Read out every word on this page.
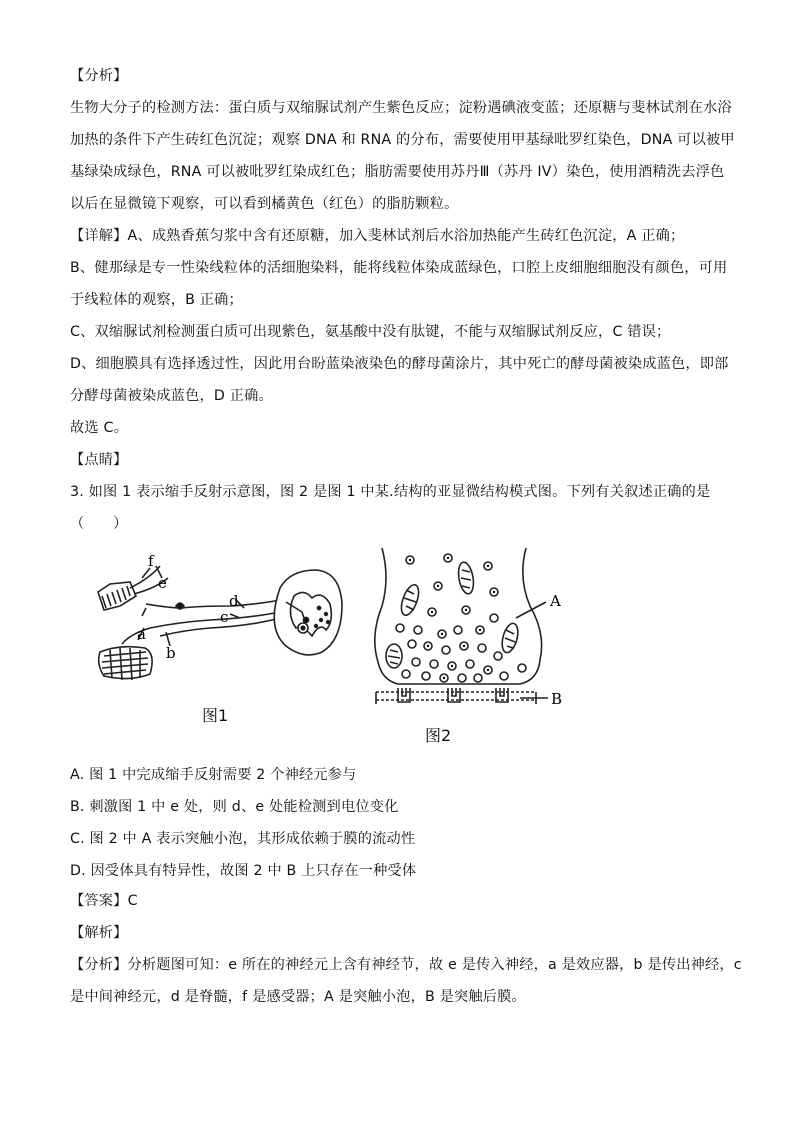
【分析】
生物大分子的检测方法：蛋白质与双缩脲试剂产生紫色反应；淀粉遇碘液变蓝；还原糖与斐林试剂在水浴
加热的条件下产生砖红色沉淀；观察 DNA 和 RNA 的分布，需要使用甲基绿吡罗红染色，DNA 可以被甲
基绿染成绿色，RNA 可以被吡罗红染成红色；脂肪需要使用苏丹Ⅲ（苏丹 IV）染色，使用酒精洗去浮色
以后在显微镜下观察，可以看到橘黄色（红色）的脂肪颗粒。
【详解】A、成熟香蕉匀浆中含有还原糖，加入斐林试剂后水浴加热能产生砖红色沉淀，A 正确；
B、健那绿是专一性染线粒体的活细胞染料，能将线粒体染成蓝绿色，口腔上皮细胞细胞没有颜色，可用
于线粒体的观察，B 正确；
C、双缩脲试剂检测蛋白质可出现紫色，氨基酸中没有肽键，不能与双缩脲试剂反应，C 错误；
D、细胞膜具有选择透过性，因此用台盼蓝染液染色的酵母菌涂片，其中死亡的酵母菌被染成蓝色，即部
分酵母菌被染成蓝色，D 正确。
故选 C。
【点睛】
3. 如图 1 表示缩手反射示意图，图 2 是图 1 中某.结构的亚显微结构模式图。下列有关叙述正确的是
（　　）
f
e
a
b
d
c
图1
A
B
图2
A. 图 1 中完成缩手反射需要 2 个神经元参与
B. 刺激图 1 中 e 处，则 d、e 处能检测到电位变化
C. 图 2 中 A 表示突触小泡，其形成依赖于膜的流动性
D. 因受体具有特异性，故图 2 中 B 上只存在一种受体
【答案】C
【解析】
【分析】分析题图可知：e 所在的神经元上含有神经节，故 e 是传入神经，a 是效应器，b 是传出神经，c
是中间神经元，d 是脊髓，f 是感受器；A 是突触小泡，B 是突触后膜。
